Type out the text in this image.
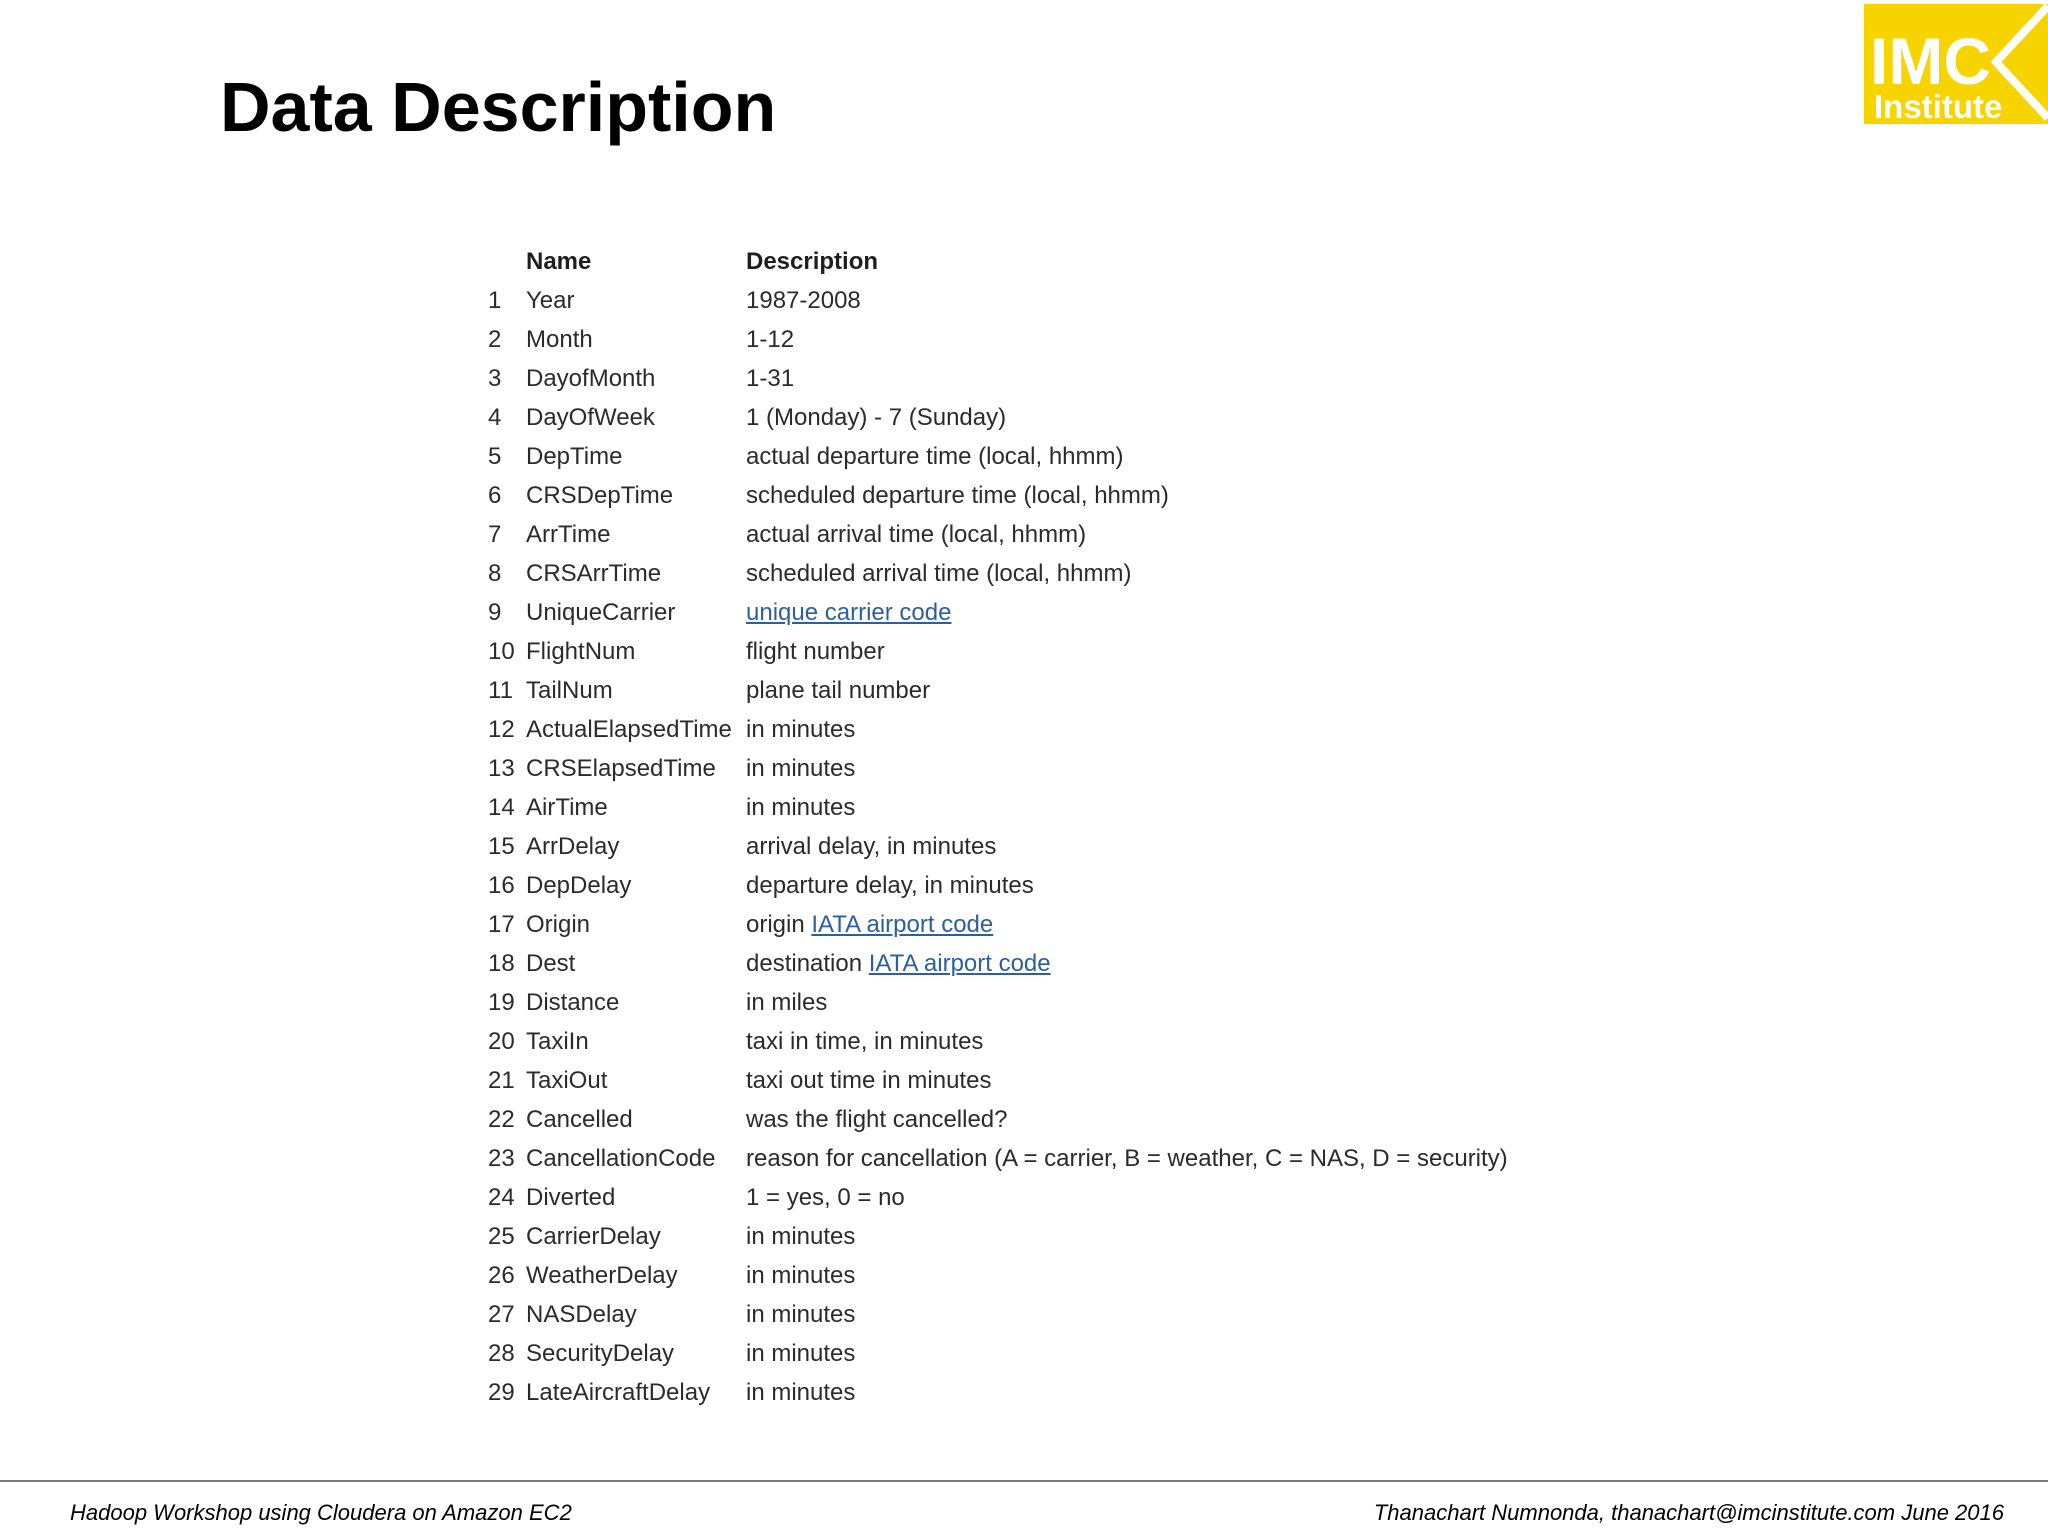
Data Description
IMC
Institute
	Name	Description
1	Year	1987-2008
2	Month	1-12
3	DayofMonth	1-31
4	DayOfWeek	1 (Monday) - 7 (Sunday)
5	DepTime	actual departure time (local, hhmm)
6	CRSDepTime	scheduled departure time (local, hhmm)
7	ArrTime	actual arrival time (local, hhmm)
8	CRSArrTime	scheduled arrival time (local, hhmm)
9	UniqueCarrier	unique carrier code
10	FlightNum	flight number
11	TailNum	plane tail number
12	ActualElapsedTime	in minutes
13	CRSElapsedTime	in minutes
14	AirTime	in minutes
15	ArrDelay	arrival delay, in minutes
16	DepDelay	departure delay, in minutes
17	Origin	origin IATA airport code
18	Dest	destination IATA airport code
19	Distance	in miles
20	TaxiIn	taxi in time, in minutes
21	TaxiOut	taxi out time in minutes
22	Cancelled	was the flight cancelled?
23	CancellationCode	reason for cancellation (A = carrier, B = weather, C = NAS, D = security)
24	Diverted	1 = yes, 0 = no
25	CarrierDelay	in minutes
26	WeatherDelay	in minutes
27	NASDelay	in minutes
28	SecurityDelay	in minutes
29	LateAircraftDelay	in minutes
Hadoop Workshop using Cloudera on Amazon EC2	Thanachart Numnonda, thanachart@imcinstitute.com June 2016
